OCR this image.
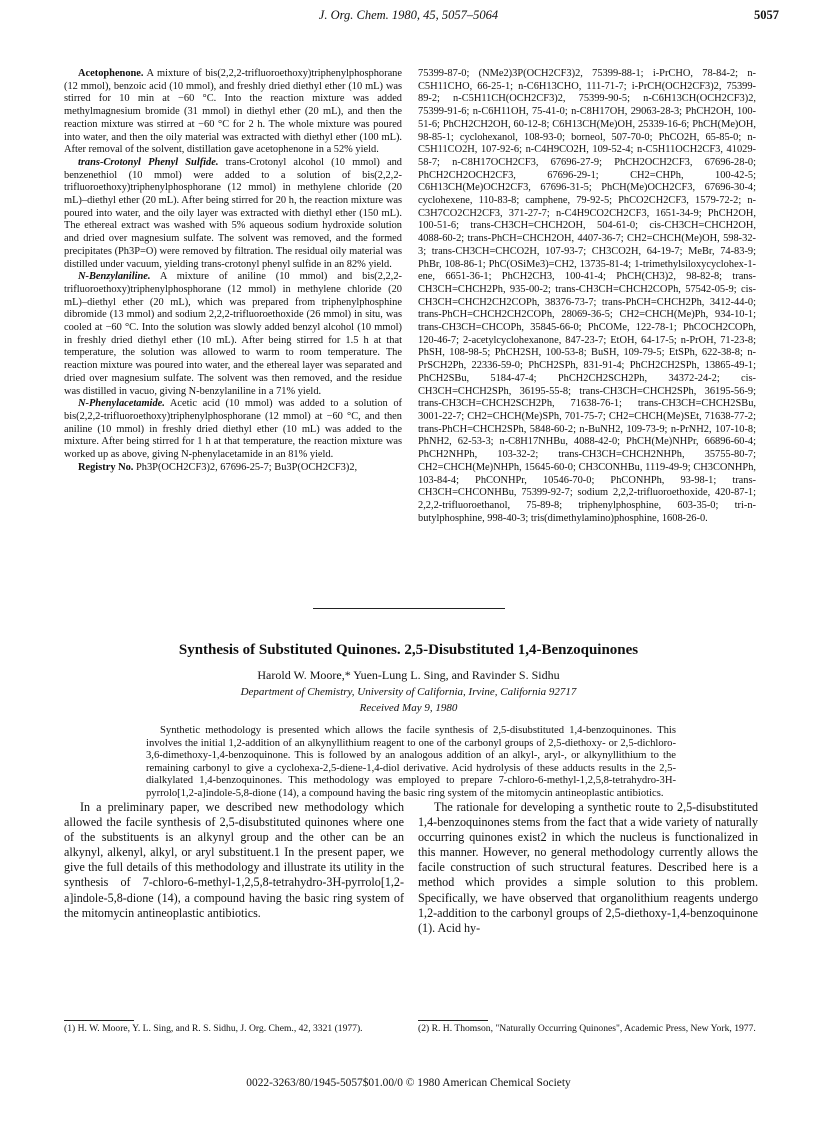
J. Org. Chem. 1980, 45, 5057–5064	5057

Acetophenone. A mixture of bis(2,2,2-trifluoroethoxy)triphenylphosphorane (12 mmol), benzoic acid (10 mmol), and freshly dried diethyl ether (10 mL) was stirred for 10 min at −60 °C. Into the reaction mixture was added methylmagnesium bromide (31 mmol) in diethyl ether (20 mL), and then the reaction mixture was stirred at −60 °C for 2 h. The whole mixture was poured into water, and then the oily material was extracted with diethyl ether (100 mL). After removal of the solvent, distillation gave acetophenone in a 52% yield.

trans-Crotonyl Phenyl Sulfide. trans-Crotonyl alcohol (10 mmol) and benzenethiol (10 mmol) were added to a solution of bis(2,2,2-trifluoroethoxy)triphenylphosphorane (12 mmol) in methylene chloride (20 mL)–diethyl ether (20 mL). After being stirred for 20 h, the reaction mixture was poured into water, and the oily layer was extracted with diethyl ether (150 mL). The ethereal extract was washed with 5% aqueous sodium hydroxide solution and dried over magnesium sulfate. The solvent was removed, and the formed precipitates (Ph3P=O) were removed by filtration. The residual oily material was distilled under vacuum, yielding trans-crotonyl phenyl sulfide in an 82% yield.

N-Benzylaniline. A mixture of aniline (10 mmol) and bis(2,2,2-trifluoroethoxy)triphenylphosphorane (12 mmol) in methylene chloride (20 mL)–diethyl ether (20 mL), which was prepared from triphenylphosphine dibromide (13 mmol) and sodium 2,2,2-trifluoroethoxide (26 mmol) in situ, was cooled at −60 °C. Into the solution was slowly added benzyl alcohol (10 mmol) in freshly dried diethyl ether (10 mL). After being stirred for 1.5 h at that temperature, the solution was allowed to warm to room temperature. The reaction mixture was poured into water, and the ethereal layer was separated and dried over magnesium sulfate. The solvent was then removed, and the residue was distilled in vacuo, giving N-benzylaniline in a 71% yield.

N-Phenylacetamide. Acetic acid (10 mmol) was added to a solution of bis(2,2,2-trifluoroethoxy)triphenylphosphorane (12 mmol) at −60 °C, and then aniline (10 mmol) in freshly dried diethyl ether (10 mL) was added to the mixture. After being stirred for 1 h at that temperature, the reaction mixture was worked up as above, giving N-phenylacetamide in an 81% yield.

Registry No. Ph3P(OCH2CF3)2, 67696-25-7; Bu3P(OCH2CF3)2,

75399-87-0; (NMe2)3P(OCH2CF3)2, 75399-88-1; i-PrCHO, 78-84-2; n-C5H11CHO, 66-25-1; n-C6H13CHO, 111-71-7; i-PrCH(OCH2CF3)2, 75399-89-2; n-C5H11CH(OCH2CF3)2, 75399-90-5; n-C6H13CH(OCH2CF3)2, 75399-91-6; n-C6H11OH, 75-41-0; n-C8H17OH, 29063-28-3; PhCH2OH, 100-51-6; PhCH2CH2OH, 60-12-8; C6H13CH(Me)OH, 25339-16-6; PhCH(Me)OH, 98-85-1; cyclohexanol, 108-93-0; borneol, 507-70-0; PhCO2H, 65-85-0; n-C5H11CO2H, 107-92-6; n-C4H9CO2H, 109-52-4; n-C5H11OCH2CF3, 41029-58-7; n-C8H17OCH2CF3, 67696-27-9; PhCH2OCH2CF3, 67696-28-0; PhCH2CH2OCH2CF3, 67696-29-1; CH2=CHPh, 100-42-5; C6H13CH(Me)OCH2CF3, 67696-31-5; PhCH(Me)OCH2CF3, 67696-30-4; cyclohexene, 110-83-8; camphene, 79-92-5; PhCO2CH2CF3, 1579-72-2; n-C3H7CO2CH2CF3, 371-27-7; n-C4H9CO2CH2CF3, 1651-34-9; PhCH2OH, 100-51-6; trans-CH3CH=CHCH2OH, 504-61-0; cis-CH3CH=CHCH2OH, 4088-60-2; trans-PhCH=CHCH2OH, 4407-36-7; CH2=CHCH(Me)OH, 598-32-3; trans-CH3CH=CHCO2H, 107-93-7; CH3CO2H, 64-19-7; MeBr, 74-83-9; PhBr, 108-86-1; PhC(OSiMe3)=CH2, 13735-81-4; 1-trimethylsiloxycyclohex-1-ene, 6651-36-1; PhCH2CH3, 100-41-4; PhCH(CH3)2, 98-82-8; trans-CH3CH=CHCH2Ph, 935-00-2; trans-CH3CH=CHCH2COPh, 57542-05-9; cis-CH3CH=CHCH2CH2COPh, 38376-73-7; trans-PhCH=CHCH2Ph, 3412-44-0; trans-PhCH=CHCH2CH2COPh, 28069-36-5; CH2=CHCH(Me)Ph, 934-10-1; trans-CH3CH=CHCOPh, 35845-66-0; PhCOMe, 122-78-1; PhCOCH2COPh, 120-46-7; 2-acetylcyclohexanone, 847-23-7; EtOH, 64-17-5; n-PrOH, 71-23-8; PhSH, 108-98-5; PhCH2SH, 100-53-8; BuSH, 109-79-5; EtSPh, 622-38-8; n-PrSCH2Ph, 22336-59-0; PhCH2SPh, 831-91-4; PhCH2CH2SPh, 13865-49-1; PhCH2SBu, 5184-47-4; PhCH2CH2SCH2Ph, 34372-24-2; cis-CH3CH=CHCH2SPh, 36195-55-8; trans-CH3CH=CHCH2SPh, 36195-56-9; trans-CH3CH=CHCH2SCH2Ph, 71638-76-1; trans-CH3CH=CHCH2SBu, 3001-22-7; CH2=CHCH(Me)SPh, 701-75-7; CH2=CHCH(Me)SEt, 71638-77-2; trans-PhCH=CHCH2SPh, 5848-60-2; n-BuNH2, 109-73-9; n-PrNH2, 107-10-8; PhNH2, 62-53-3; n-C8H17NHBu, 4088-42-0; PhCH(Me)NHPr, 66896-60-4; PhCH2NHPh, 103-32-2; trans-CH3CH=CHCH2NHPh, 35755-80-7; CH2=CHCH(Me)NHPh, 15645-60-0; CH3CONHBu, 1119-49-9; CH3CONHPh, 103-84-4; PhCONHPr, 10546-70-0; PhCONHPh, 93-98-1; trans-CH3CH=CHCONHBu, 75399-92-7; sodium 2,2,2-trifluoroethoxide, 420-87-1; 2,2,2-trifluoroethanol, 75-89-8; triphenylphosphine, 603-35-0; tri-n-butylphosphine, 998-40-3; tris(dimethylamino)phosphine, 1608-26-0.
Synthesis of Substituted Quinones. 2,5-Disubstituted 1,4-Benzoquinones
Harold W. Moore,* Yuen-Lung L. Sing, and Ravinder S. Sidhu
Department of Chemistry, University of California, Irvine, California 92717
Received May 9, 1980
Synthetic methodology is presented which allows the facile synthesis of 2,5-disubstituted 1,4-benzoquinones. This involves the initial 1,2-addition of an alkynyllithium reagent to one of the carbonyl groups of 2,5-diethoxy- or 2,5-dichloro-3,6-dimethoxy-1,4-benzoquinone. This is followed by an analogous addition of an alkyl-, aryl-, or alkynyllithium to the remaining carbonyl to give a cyclohexa-2,5-diene-1,4-diol derivative. Acid hydrolysis of these adducts results in the 2,5-dialkylated 1,4-benzoquinones. This methodology was employed to prepare 7-chloro-6-methyl-1,2,5,8-tetrahydro-3H-pyrrolo[1,2-a]indole-5,8-dione (14), a compound having the basic ring system of the mitomycin antineoplastic antibiotics.

In a preliminary paper, we described new methodology which allowed the facile synthesis of 2,5-disubstituted quinones where one of the substituents is an alkynyl group and the other can be an alkynyl, alkenyl, alkyl, or aryl substituent.1 In the present paper, we give the full details of this methodology and illustrate its utility in the synthesis of 7-chloro-6-methyl-1,2,5,8-tetrahydro-3H-pyrrolo[1,2-a]indole-5,8-dione (14), a compound having the basic ring system of the mitomycin antineoplastic antibiotics.

The rationale for developing a synthetic route to 2,5-disubstituted 1,4-benzoquinones stems from the fact that a wide variety of naturally occurring quinones exist2 in which the nucleus is functionalized in this manner. However, no general methodology currently allows the facile construction of such structural features. Described here is a method which provides a simple solution to this problem. Specifically, we have observed that organolithium reagents undergo 1,2-addition to the carbonyl groups of 2,5-diethoxy-1,4-benzoquinone (1). Acid hy-

(1) H. W. Moore, Y. L. Sing, and R. S. Sidhu, J. Org. Chem., 42, 3321 (1977).	(2) R. H. Thomson, "Naturally Occurring Quinones", Academic Press, New York, 1977.
0022-3263/80/1945-5057$01.00/0 © 1980 American Chemical Society
